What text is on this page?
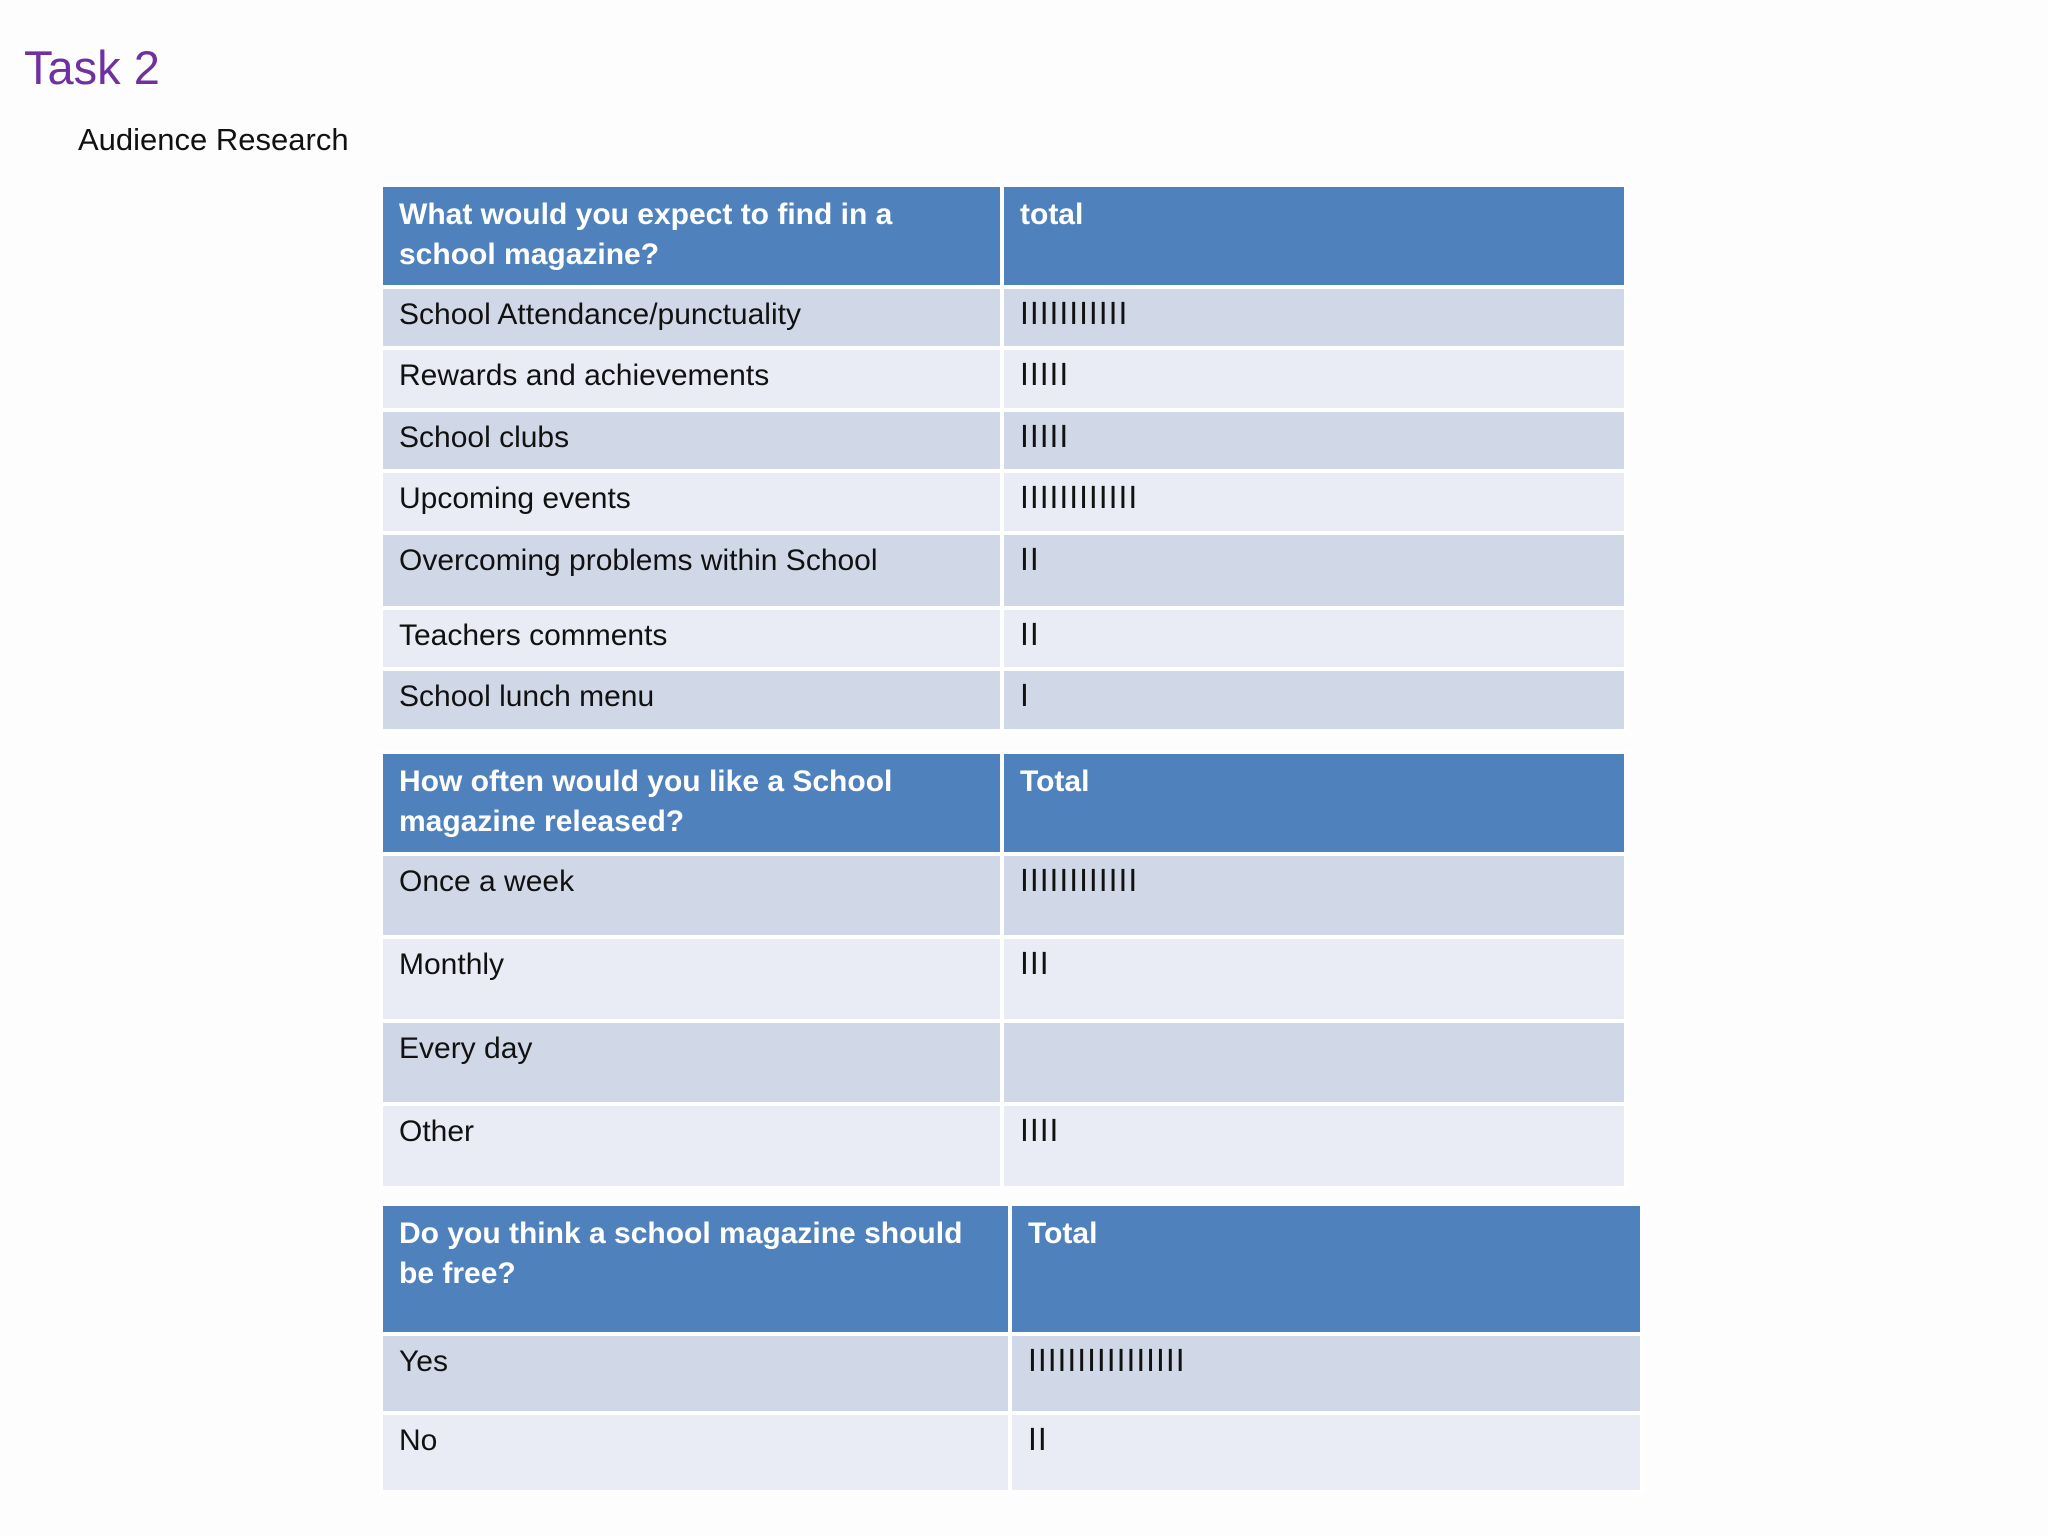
Task 2
Audience Research
What would you expect to find in a school magazine?	total
School Attendance/punctuality	IIIIIIIIIII
Rewards and achievements	IIIII
School clubs	IIIII
Upcoming events	IIIIIIIIIIII
Overcoming problems within School	II
Teachers comments	II
School lunch menu	I
How often would you like a School magazine released?	Total
Once a week	IIIIIIIIIIII
Monthly	III
Every day	
Other	IIII
Do you think a school magazine should be free?	Total
Yes	IIIIIIIIIIIIIIII
No	II
